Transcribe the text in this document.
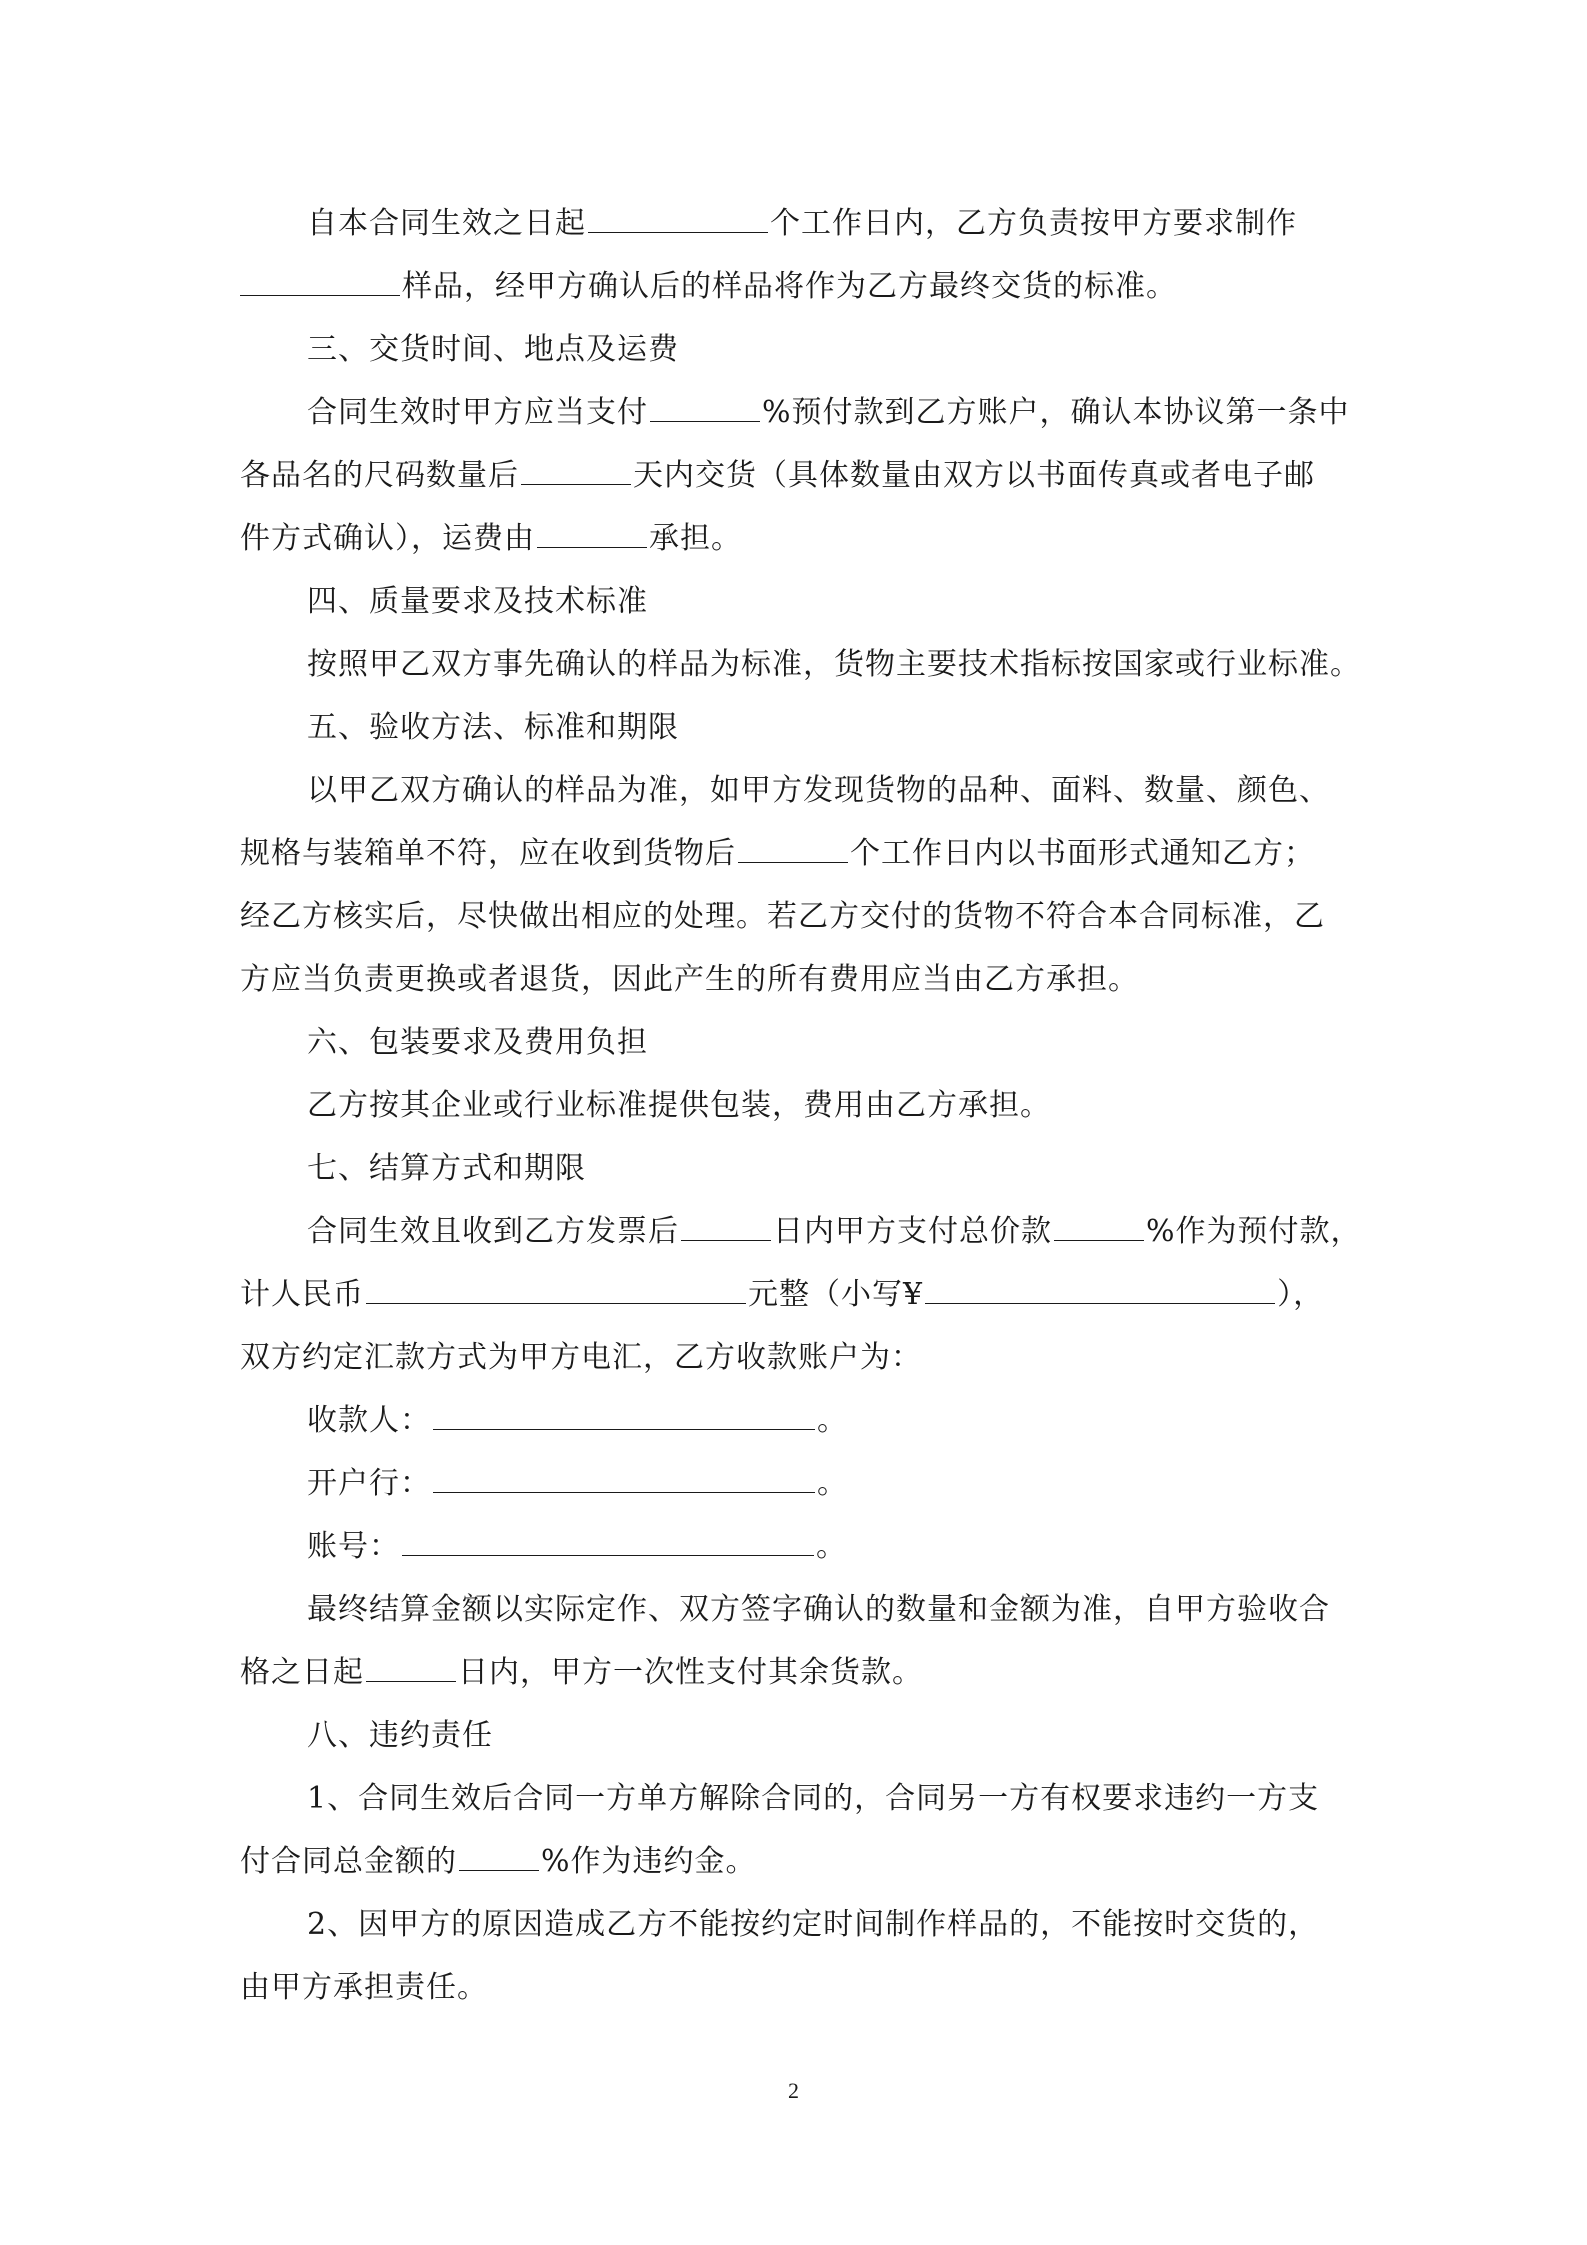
自本合同生效之日起	个工作日内，乙方负责按甲方要求制作
样品，经甲方确认后的样品将作为乙方最终交货的标准。
三、交货时间、地点及运费
合同生效时甲方应当支付	%预付款到乙方账户，确认本协议第一条中
各品名的尺码数量后	天内交货（具体数量由双方以书面传真或者电子邮
件方式确认），运费由	承担。
四、质量要求及技术标准
按照甲乙双方事先确认的样品为标准，货物主要技术指标按国家或行业标准。
五、验收方法、标准和期限
以甲乙双方确认的样品为准，如甲方发现货物的品种、面料、数量、颜色、
规格与装箱单不符，应在收到货物后	个工作日内以书面形式通知乙方；
经乙方核实后，尽快做出相应的处理。若乙方交付的货物不符合本合同标准，乙
方应当负责更换或者退货，因此产生的所有费用应当由乙方承担。
六、包装要求及费用负担
乙方按其企业或行业标准提供包装，费用由乙方承担。
七、结算方式和期限
合同生效且收到乙方发票后	日内甲方支付总价款	%作为预付款，
计人民币	元整（小写¥	），
双方约定汇款方式为甲方电汇，乙方收款账户为：
收款人：	。
开户行：	。
账号：	。
最终结算金额以实际定作、双方签字确认的数量和金额为准，自甲方验收合
格之日起	日内，甲方一次性支付其余货款。
八、违约责任
1、合同生效后合同一方单方解除合同的，合同另一方有权要求违约一方支
付合同总金额的	%作为违约金。
2、因甲方的原因造成乙方不能按约定时间制作样品的，不能按时交货的，
由甲方承担责任。
2
